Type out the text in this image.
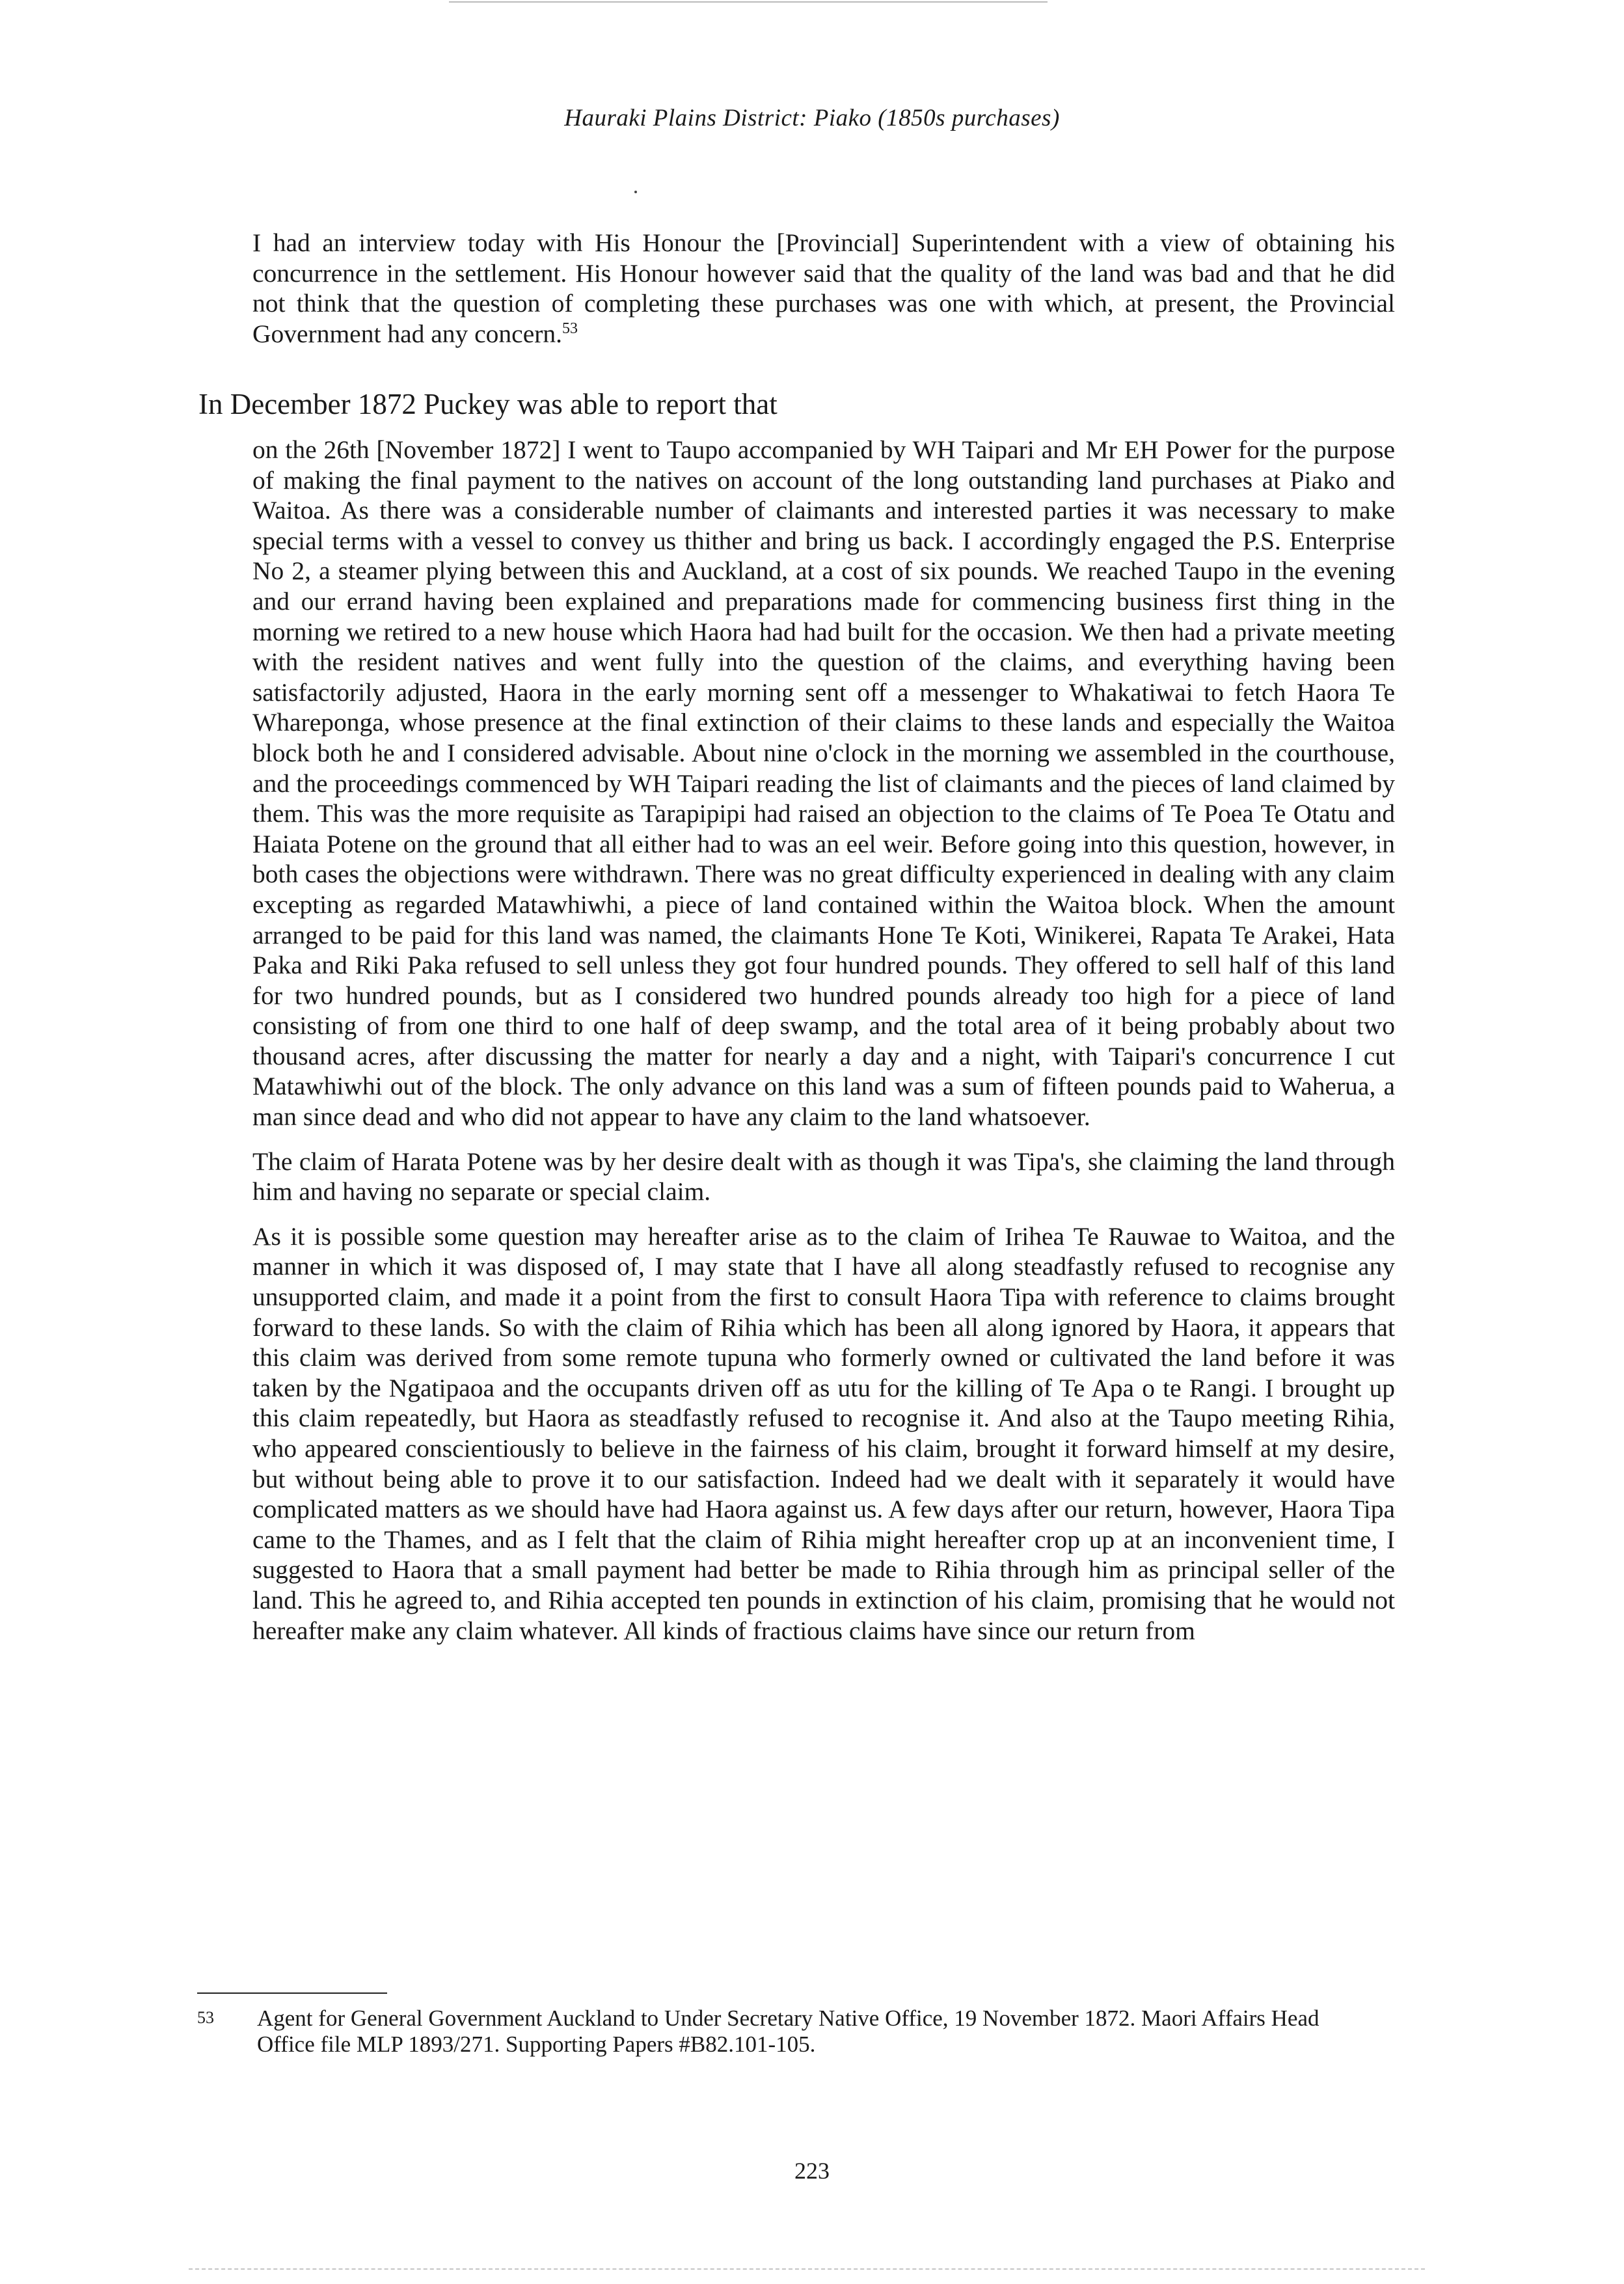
Hauraki Plains District: Piako (1850s purchases)
I had an interview today with His Honour the [Provincial] Superintendent with a view of obtaining his concurrence in the settlement. His Honour however said that the quality of the land was bad and that he did not think that the question of completing these purchases was one with which, at present, the Provincial Government had any concern.$^{53}$
In December 1872 Puckey was able to report that

on the 26th [November 1872] I went to Taupo accompanied by WH Taipari and Mr EH Power for the purpose of making the final payment to the natives on account of the long outstanding land purchases at Piako and Waitoa. As there was a considerable number of claimants and interested parties it was necessary to make special terms with a vessel to convey us thither and bring us back. I accordingly engaged the P.S. Enterprise No 2, a steamer plying between this and Auckland, at a cost of six pounds. We reached Taupo in the evening and our errand having been explained and preparations made for commencing business first thing in the morning we retired to a new house which Haora had had built for the occasion. We then had a private meeting with the resident natives and went fully into the question of the claims, and everything having been satisfactorily adjusted, Haora in the early morning sent off a messenger to Whakatiwai to fetch Haora Te Whareponga, whose presence at the final extinction of their claims to these lands and especially the Waitoa block both he and I considered advisable. About nine o'clock in the morning we assembled in the courthouse, and the proceedings commenced by WH Taipari reading the list of claimants and the pieces of land claimed by them. This was the more requisite as Tarapipipi had raised an objection to the claims of Te Poea Te Otatu and Haiata Potene on the ground that all either had to was an eel weir. Before going into this question, however, in both cases the objections were withdrawn. There was no great difficulty experienced in dealing with any claim excepting as regarded Matawhiwhi, a piece of land contained within the Waitoa block. When the amount arranged to be paid for this land was named, the claimants Hone Te Koti, Winikerei, Rapata Te Arakei, Hata Paka and Riki Paka refused to sell unless they got four hundred pounds. They offered to sell half of this land for two hundred pounds, but as I considered two hundred pounds already too high for a piece of land consisting of from one third to one half of deep swamp, and the total area of it being probably about two thousand acres, after discussing the matter for nearly a day and a night, with Taipari's concurrence I cut Matawhiwhi out of the block. The only advance on this land was a sum of fifteen pounds paid to Waherua, a man since dead and who did not appear to have any claim to the land whatsoever.

The claim of Harata Potene was by her desire dealt with as though it was Tipa's, she claiming the land through him and having no separate or special claim.

As it is possible some question may hereafter arise as to the claim of Irihea Te Rauwae to Waitoa, and the manner in which it was disposed of, I may state that I have all along steadfastly refused to recognise any unsupported claim, and made it a point from the first to consult Haora Tipa with reference to claims brought forward to these lands. So with the claim of Rihia which has been all along ignored by Haora, it appears that this claim was derived from some remote tupuna who formerly owned or cultivated the land before it was taken by the Ngatipaoa and the occupants driven off as utu for the killing of Te Apa o te Rangi. I brought up this claim repeatedly, but Haora as steadfastly refused to recognise it. And also at the Taupo meeting Rihia, who appeared conscientiously to believe in the fairness of his claim, brought it forward himself at my desire, but without being able to prove it to our satisfaction. Indeed had we dealt with it separately it would have complicated matters as we should have had Haora against us. A few days after our return, however, Haora Tipa came to the Thames, and as I felt that the claim of Rihia might hereafter crop up at an inconvenient time, I suggested to Haora that a small payment had better be made to Rihia through him as principal seller of the land. This he agreed to, and Rihia accepted ten pounds in extinction of his claim, promising that he would not hereafter make any claim whatever. All kinds of fractious claims have since our return from

53 Agent for General Government Auckland to Under Secretary Native Office, 19 November 1872. Maori Affairs Head Office file MLP 1893/271. Supporting Papers #B82.101-105.
223
